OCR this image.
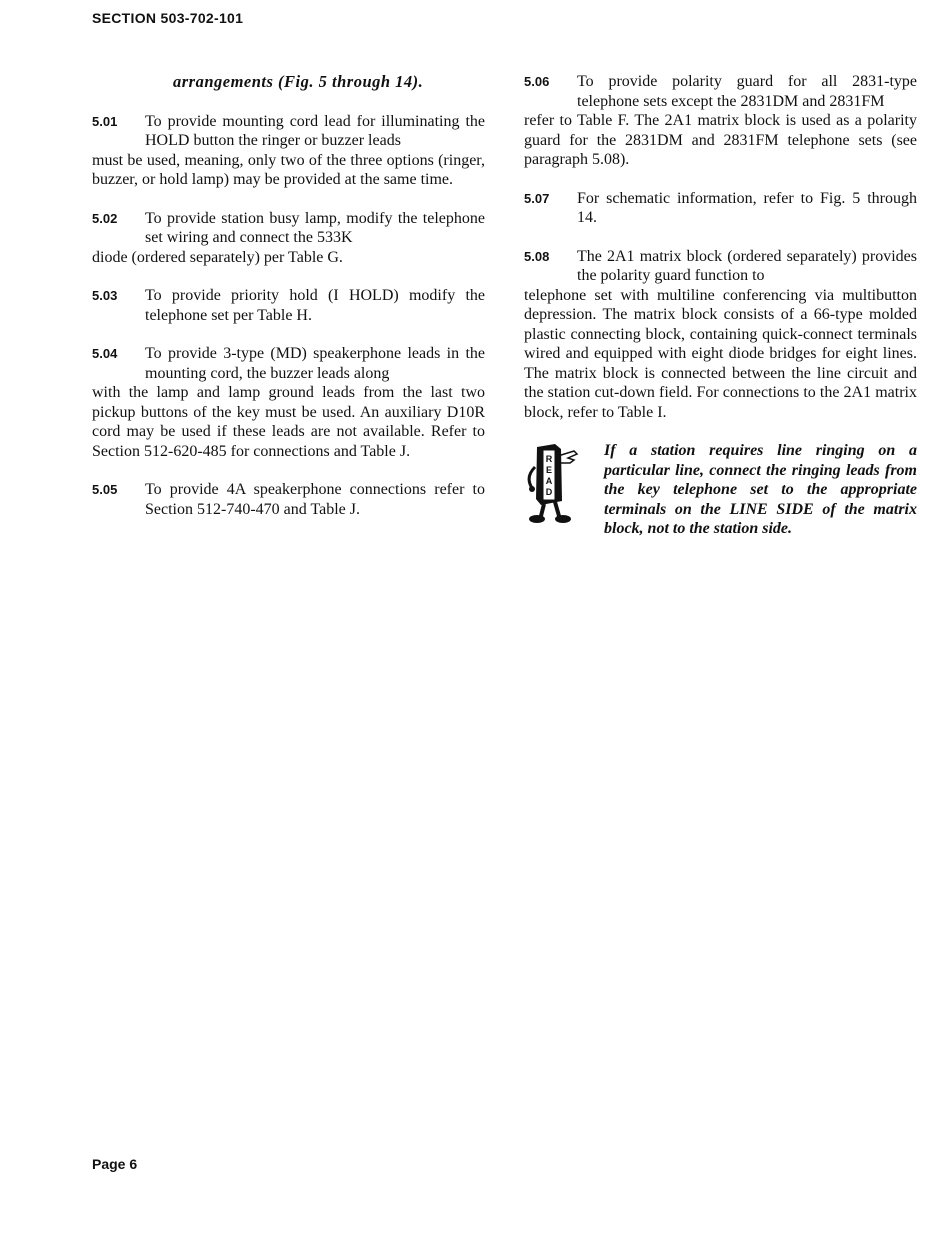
SECTION 503-702-101

arrangements (Fig. 5 through 14).

5.01	To provide mounting cord lead for illuminating the HOLD button the ringer or buzzer leads
must be used, meaning, only two of the three options (ringer, buzzer, or hold lamp) may be provided at the same time.

5.02	To provide station busy lamp, modify the telephone set wiring and connect the 533K
diode (ordered separately) per Table G.

5.03	To provide priority hold (I HOLD) modify the telephone set per Table H.

5.04	To provide 3-type (MD) speakerphone leads in the mounting cord, the buzzer leads along
with the lamp and lamp ground leads from the last two pickup buttons of the key must be used. An auxiliary D10R cord may be used if these leads are not available. Refer to Section 512-620-485 for connections and Table J.

5.05	To provide 4A speakerphone connections refer to Section 512-740-470 and Table J.

5.06	To provide polarity guard for all 2831-type telephone sets except the 2831DM and 2831FM
refer to Table F. The 2A1 matrix block is used as a polarity guard for the 2831DM and 2831FM telephone sets (see paragraph 5.08).

5.07	For schematic information, refer to Fig. 5 through 14.

5.08	The 2A1 matrix block (ordered separately) provides the polarity guard function to
telephone set with multiline conferencing via multibutton depression. The matrix block consists of a 66-type molded plastic connecting block, containing quick-connect terminals wired and equipped with eight diode bridges for eight lines. The matrix block is connected between the line circuit and the station cut-down field. For connections to the 2A1 matrix block, refer to Table I.

R
E
A
D
If a station requires line ringing on a particular line, connect the ringing leads from the key telephone set to the appropriate terminals on the LINE SIDE of the matrix block, not to the station side.
Page 6
